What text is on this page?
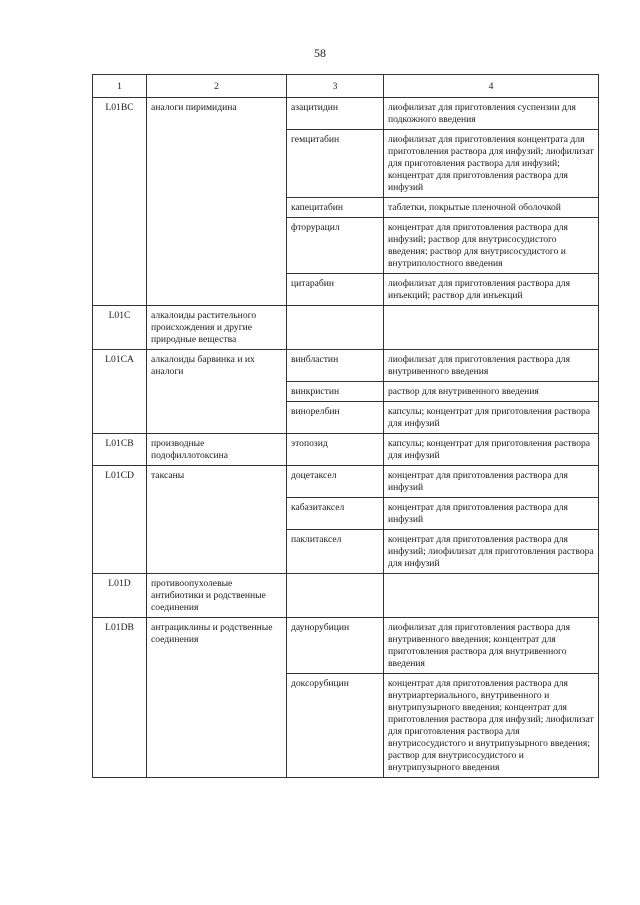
58
1	2	3	4
L01BC	аналоги пиримидина	азацитидин	лиофилизат для приготовления суспензии для подкожного введения
		гемцитабин	лиофилизат для приготовления концентрата для приготовления раствора для инфузий; лиофилизат для приготовления раствора для инфузий; концентрат для приготовления раствора для инфузий
		капецитабин	таблетки, покрытые пленочной оболочкой
		фторурацил	концентрат для приготовления раствора для инфузий; раствор для внутрисосудистого введения; раствор для внутрисосудистого и внутриполостного введения
		цитарабин	лиофилизат для приготовления раствора для инъекций; раствор для инъекций
L01C	алкалоиды растительного происхождения и другие природные вещества		
L01CA	алкалоиды барвинка и их аналоги	винбластин	лиофилизат для приготовления раствора для внутривенного введения
		винкристин	раствор для внутривенного введения
		винорелбин	капсулы; концентрат для приготовления раствора для инфузий
L01CB	производные подофиллотоксина	этопозид	капсулы; концентрат для приготовления раствора для инфузий
L01CD	таксаны	доцетаксел	концентрат для приготовления раствора для инфузий
		кабазитаксел	концентрат для приготовления раствора для инфузий
		паклитаксел	концентрат для приготовления раствора для инфузий; лиофилизат для приготовления раствора для инфузий
L01D	противоопухолевые антибиотики и родственные соединения		
L01DB	антрациклины и родственные соединения	даунорубицин	лиофилизат для приготовления раствора для внутривенного введения; концентрат для приготовления раствора для внутривенного введения
		доксорубицин	концентрат для приготовления раствора для внутриартериального, внутривенного и внутрипузырного введения; концентрат для приготовления раствора для инфузий; лиофилизат для приготовления раствора для внутрисосудистого и внутрипузырного введения; раствор для внутрисосудистого и внутрипузырного введения
